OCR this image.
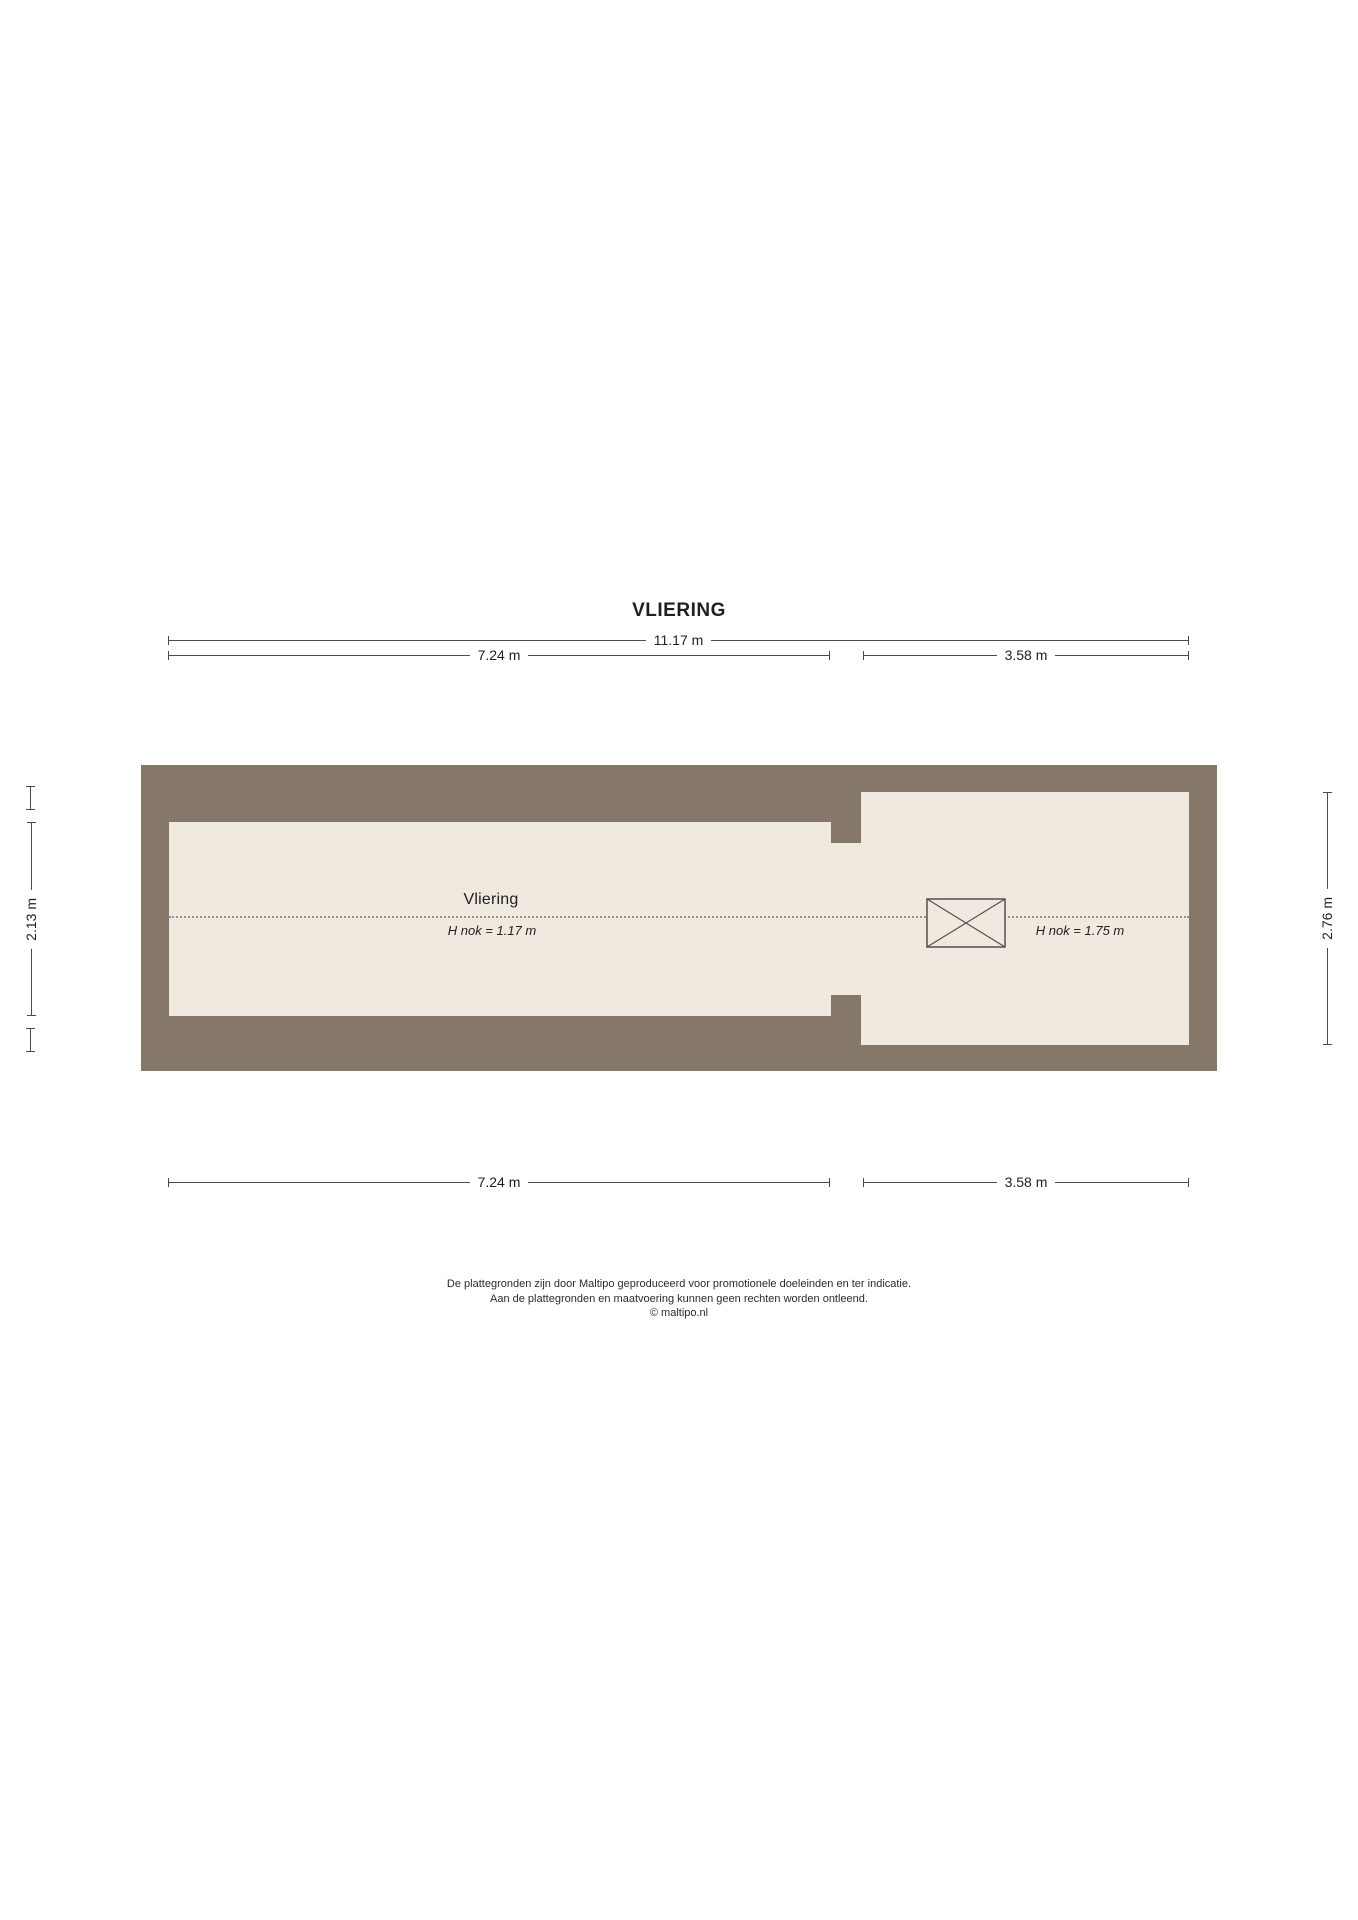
VLIERING
11.17 m
7.24 m	3.58 m
Vliering
H nok = 1.17 m	H nok = 1.75 m
2.13 m	2.76 m
7.24 m	3.58 m
De plattegronden zijn door Maltipo geproduceerd voor promotionele doeleinden en ter indicatie.
Aan de plattegronden en maatvoering kunnen geen rechten worden ontleend.
© maltipo.nl
